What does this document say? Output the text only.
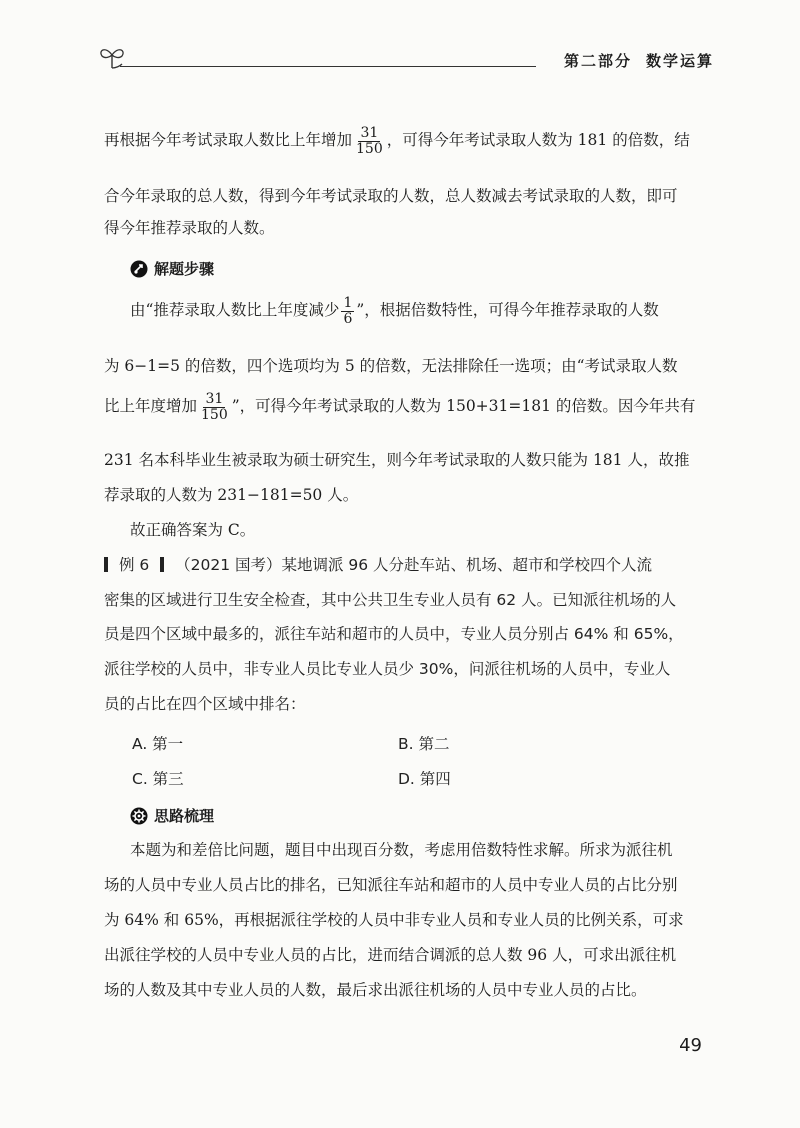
第二部分 数学运算
再根据今年考试录取人数比上年增加 $\frac{31}{150}$ ，可得今年考试录取人数为 181 的倍数，结
合今年录取的总人数，得到今年考试录取的人数，总人数减去考试录取的人数，即可
得今年推荐录取的人数。
解题步骤
由“推荐录取人数比上年度减少 $\frac{1}{6}$ ”，根据倍数特性，可得今年推荐录取的人数
为 6−1=5 的倍数，四个选项均为 5 的倍数，无法排除任一选项；由“考试录取人数
比上年度增加 $\frac{31}{150}$ ”，可得今年考试录取的人数为 150+31=181 的倍数。因今年共有
231 名本科毕业生被录取为硕士研究生，则今年考试录取的人数只能为 181 人，故推
荐录取的人数为 231−181=50 人。
故正确答案为 C。
例 6 （2021 国考）某地调派 96 人分赴车站、机场、超市和学校四个人流
密集的区域进行卫生安全检查，其中公共卫生专业人员有 62 人。已知派往机场的人
员是四个区域中最多的，派往车站和超市的人员中，专业人员分别占 64% 和 65%，
派往学校的人员中，非专业人员比专业人员少 30%，问派往机场的人员中，专业人
员的占比在四个区域中排名：
A. 第一	B. 第二
C. 第三	D. 第四
思路梳理
本题为和差倍比问题，题目中出现百分数，考虑用倍数特性求解。所求为派往机
场的人员中专业人员占比的排名，已知派往车站和超市的人员中专业人员的占比分别
为 64% 和 65%，再根据派往学校的人员中非专业人员和专业人员的比例关系，可求
出派往学校的人员中专业人员的占比，进而结合调派的总人数 96 人，可求出派往机
场的人数及其中专业人员的人数，最后求出派往机场的人员中专业人员的占比。
49
